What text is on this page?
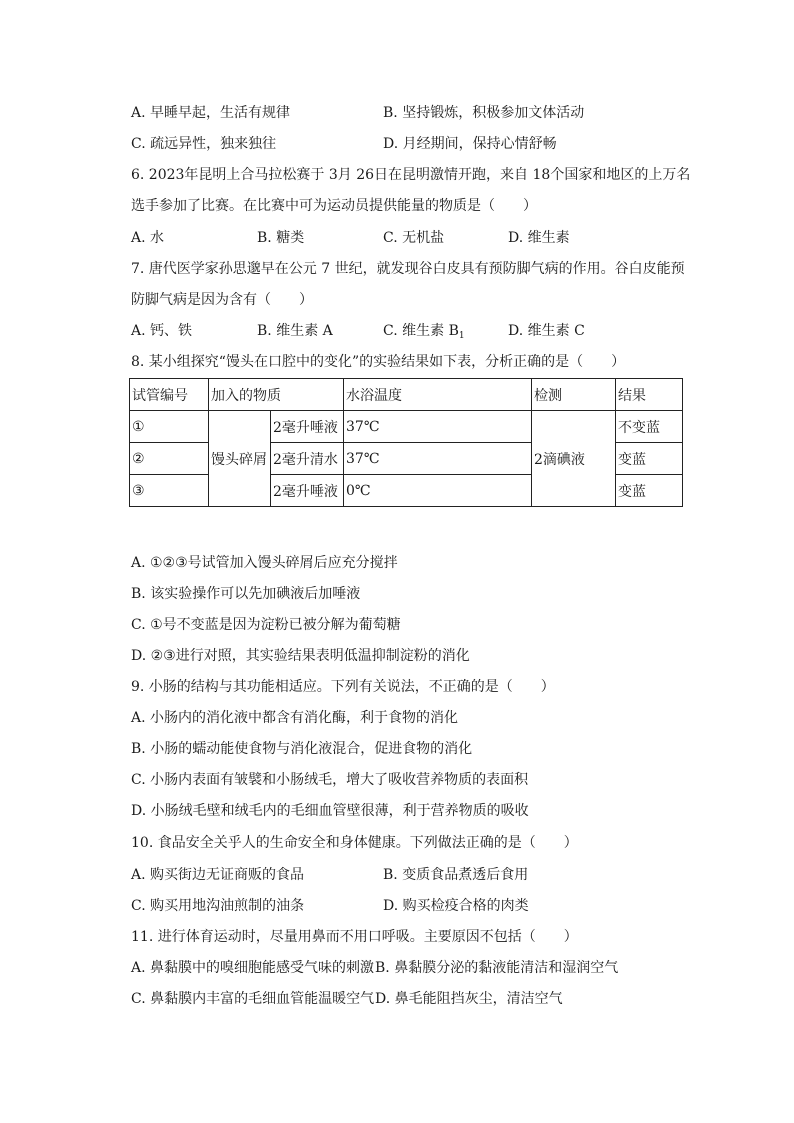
A. 早睡早起，生活有规律	B. 坚持锻炼，积极参加文体活动
C. 疏远异性，独来独往	D. 月经期间，保持心情舒畅
6. 2023年昆明上合马拉松赛于 3月 26日在昆明激情开跑，来自 18个国家和地区的上万名
选手参加了比赛。在比赛中可为运动员提供能量的物质是（　　）
A. 水	B. 糖类	C. 无机盐	D. 维生素
7. 唐代医学家孙思邈早在公元 7 世纪，就发现谷白皮具有预防脚气病的作用。谷白皮能预
防脚气病是因为含有（　　）
A. 钙、铁	B. 维生素 A	C. 维生素 $B_1$	D. 维生素 C
8. 某小组探究“馒头在口腔中的变化”的实验结果如下表，分析正确的是（　　）
试管编号	加入的物质		水浴温度	检测	结果
①	馒头碎屑	2毫升唾液	37℃	2滴碘液	不变蓝
②		2毫升清水	37℃		变蓝
③		2毫升唾液	0℃		变蓝
A. ①②③号试管加入馒头碎屑后应充分搅拌
B. 该实验操作可以先加碘液后加唾液
C. ①号不变蓝是因为淀粉已被分解为葡萄糖
D. ②③进行对照，其实验结果表明低温抑制淀粉的消化
9. 小肠的结构与其功能相适应。下列有关说法，不正确的是（　　）
A. 小肠内的消化液中都含有消化酶，利于食物的消化
B. 小肠的蠕动能使食物与消化液混合，促进食物的消化
C. 小肠内表面有皱襞和小肠绒毛，增大了吸收营养物质的表面积
D. 小肠绒毛壁和绒毛内的毛细血管壁很薄，利于营养物质的吸收
10. 食品安全关乎人的生命安全和身体健康。下列做法正确的是（　　）
A. 购买街边无证商贩的食品	B. 变质食品煮透后食用
C. 购买用地沟油煎制的油条	D. 购买检疫合格的肉类
11. 进行体育运动时，尽量用鼻而不用口呼吸。主要原因不包括（　　）
A. 鼻黏膜中的嗅细胞能感受气味的刺激 B. 鼻黏膜分泌的黏液能清洁和湿润空气
C. 鼻黏膜内丰富的毛细血管能温暖空气 D. 鼻毛能阻挡灰尘，清洁空气
